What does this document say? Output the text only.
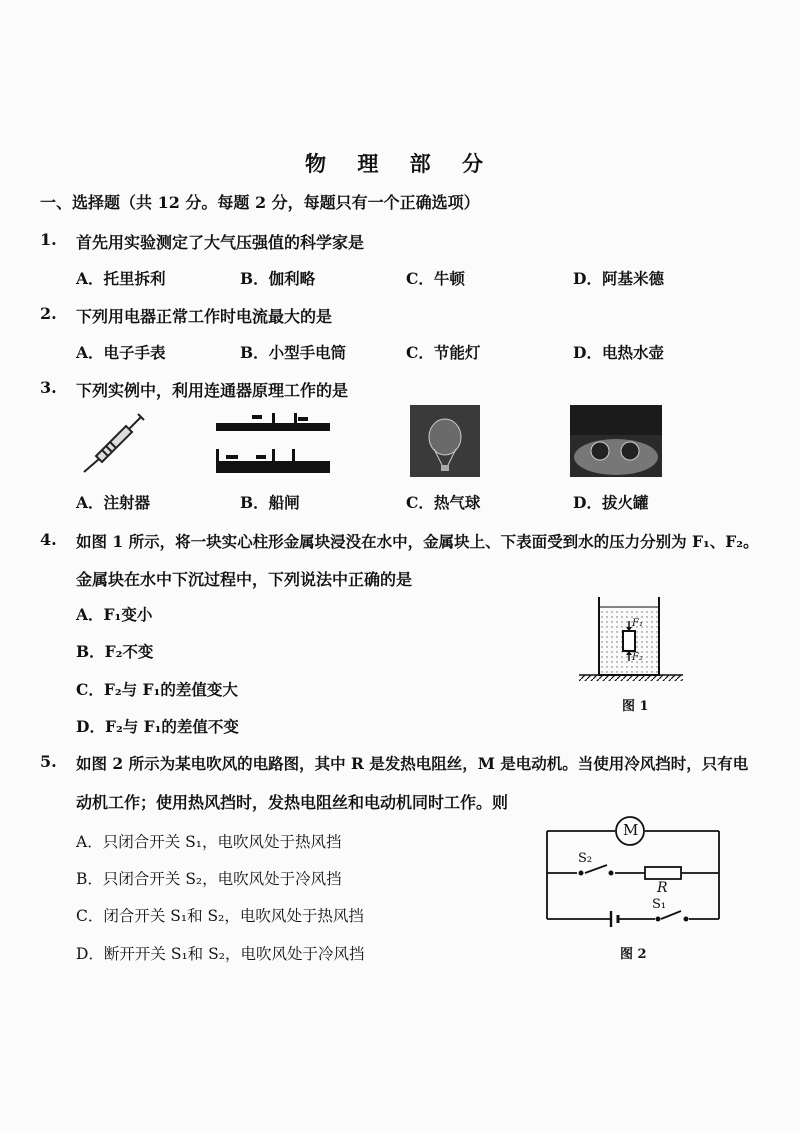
物 理 部 分
一、选择题（共 12 分。每题 2 分，每题只有一个正确选项）
1. 首先用实验测定了大气压强值的科学家是
A．托里拆利	B．伽利略	C．牛顿	D．阿基米德
2. 下列用电器正常工作时电流最大的是
A．电子手表	B．小型手电筒	C．节能灯	D．电热水壶
3. 下列实例中，利用连通器原理工作的是
A．注射器	B．船闸	C．热气球	D．拔火罐
4. 如图 1 所示，将一块实心柱形金属块浸没在水中，金属块上、下表面受到水的压力分别为 F₁、F₂。
金属块在水中下沉过程中，下列说法中正确的是
A．F₁变小
B．F₂不变
C．F₂与 F₁的差值变大
D．F₂与 F₁的差值不变
F₁
F₂
图 1
5. 如图 2 所示为某电吹风的电路图，其中 R 是发热电阻丝，M 是电动机。当使用冷风挡时，只有电
动机工作；使用热风挡时，发热电阻丝和电动机同时工作。则
A．只闭合开关 S₁，电吹风处于热风挡
B．只闭合开关 S₂，电吹风处于冷风挡
C．闭合开关 S₁和 S₂，电吹风处于热风挡
D．断开开关 S₁和 S₂，电吹风处于冷风挡
M
S₂
R
S₁
图 2
